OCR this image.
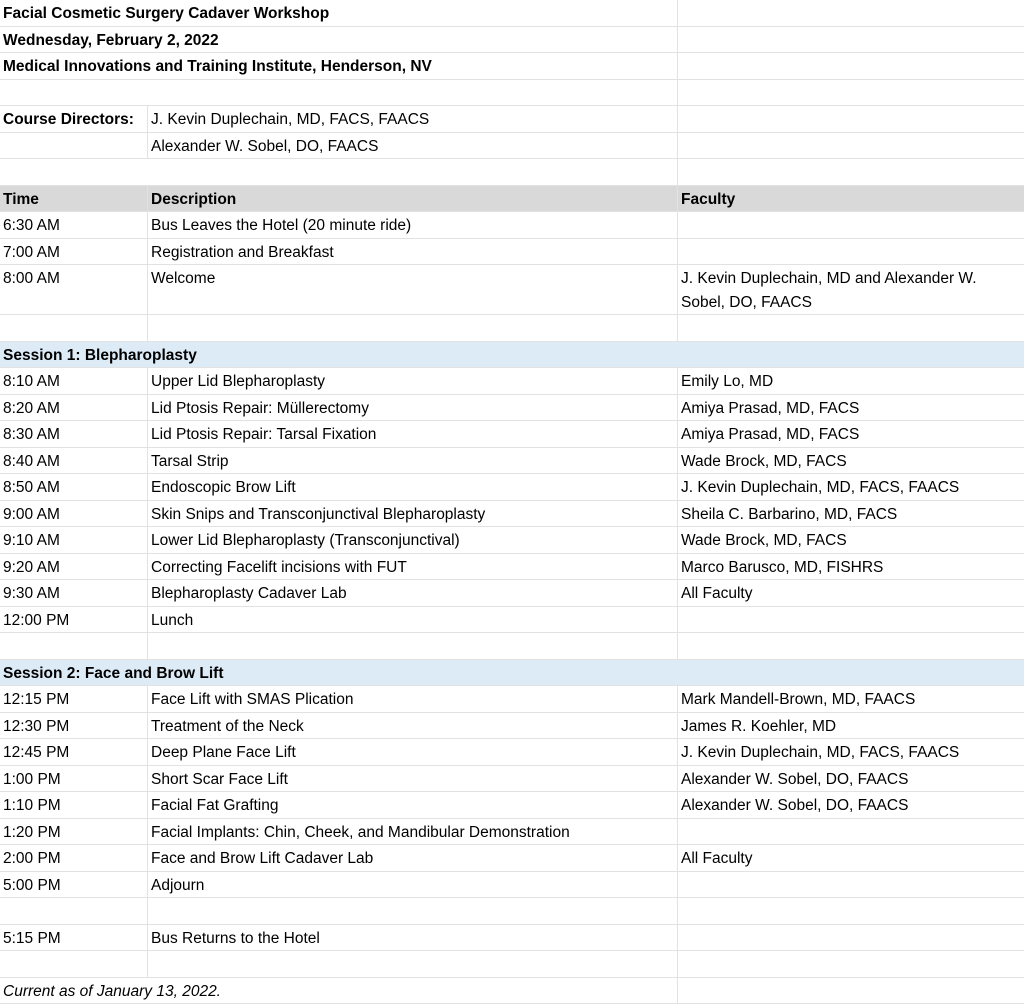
Facial Cosmetic Surgery Cadaver Workshop
Wednesday, February 2, 2022
Medical Innovations and Training Institute, Henderson, NV
Course Directors:	J. Kevin Duplechain, MD, FACS, FAACS
Alexander W. Sobel, DO, FAACS
Time	Description	Faculty
6:30 AM	Bus Leaves the Hotel (20 minute ride)
7:00 AM	Registration and Breakfast
8:00 AM	Welcome	J. Kevin Duplechain, MD and Alexander W. Sobel, DO, FAACS
Session 1: Blepharoplasty
8:10 AM	Upper Lid Blepharoplasty	Emily Lo, MD
8:20 AM	Lid Ptosis Repair: Müllerectomy	Amiya Prasad, MD, FACS
8:30 AM	Lid Ptosis Repair: Tarsal Fixation	Amiya Prasad, MD, FACS
8:40 AM	Tarsal Strip	Wade Brock, MD, FACS
8:50 AM	Endoscopic Brow Lift	J. Kevin Duplechain, MD, FACS, FAACS
9:00 AM	Skin Snips and Transconjunctival Blepharoplasty	Sheila C. Barbarino, MD, FACS
9:10 AM	Lower Lid Blepharoplasty (Transconjunctival)	Wade Brock, MD, FACS
9:20 AM	Correcting Facelift incisions with FUT	Marco Barusco, MD, FISHRS
9:30 AM	Blepharoplasty Cadaver Lab	All Faculty
12:00 PM	Lunch
Session 2: Face and Brow Lift
12:15 PM	Face Lift with SMAS Plication	Mark Mandell-Brown, MD, FAACS
12:30 PM	Treatment of the Neck	James R. Koehler, MD
12:45 PM	Deep Plane Face Lift	J. Kevin Duplechain, MD, FACS, FAACS
1:00 PM	Short Scar Face Lift	Alexander W. Sobel, DO, FAACS
1:10 PM	Facial Fat Grafting	Alexander W. Sobel, DO, FAACS
1:20 PM	Facial Implants: Chin, Cheek, and Mandibular Demonstration
2:00 PM	Face and Brow Lift Cadaver Lab	All Faculty
5:00 PM	Adjourn
5:15 PM	Bus Returns to the Hotel
Current as of January 13, 2022.
